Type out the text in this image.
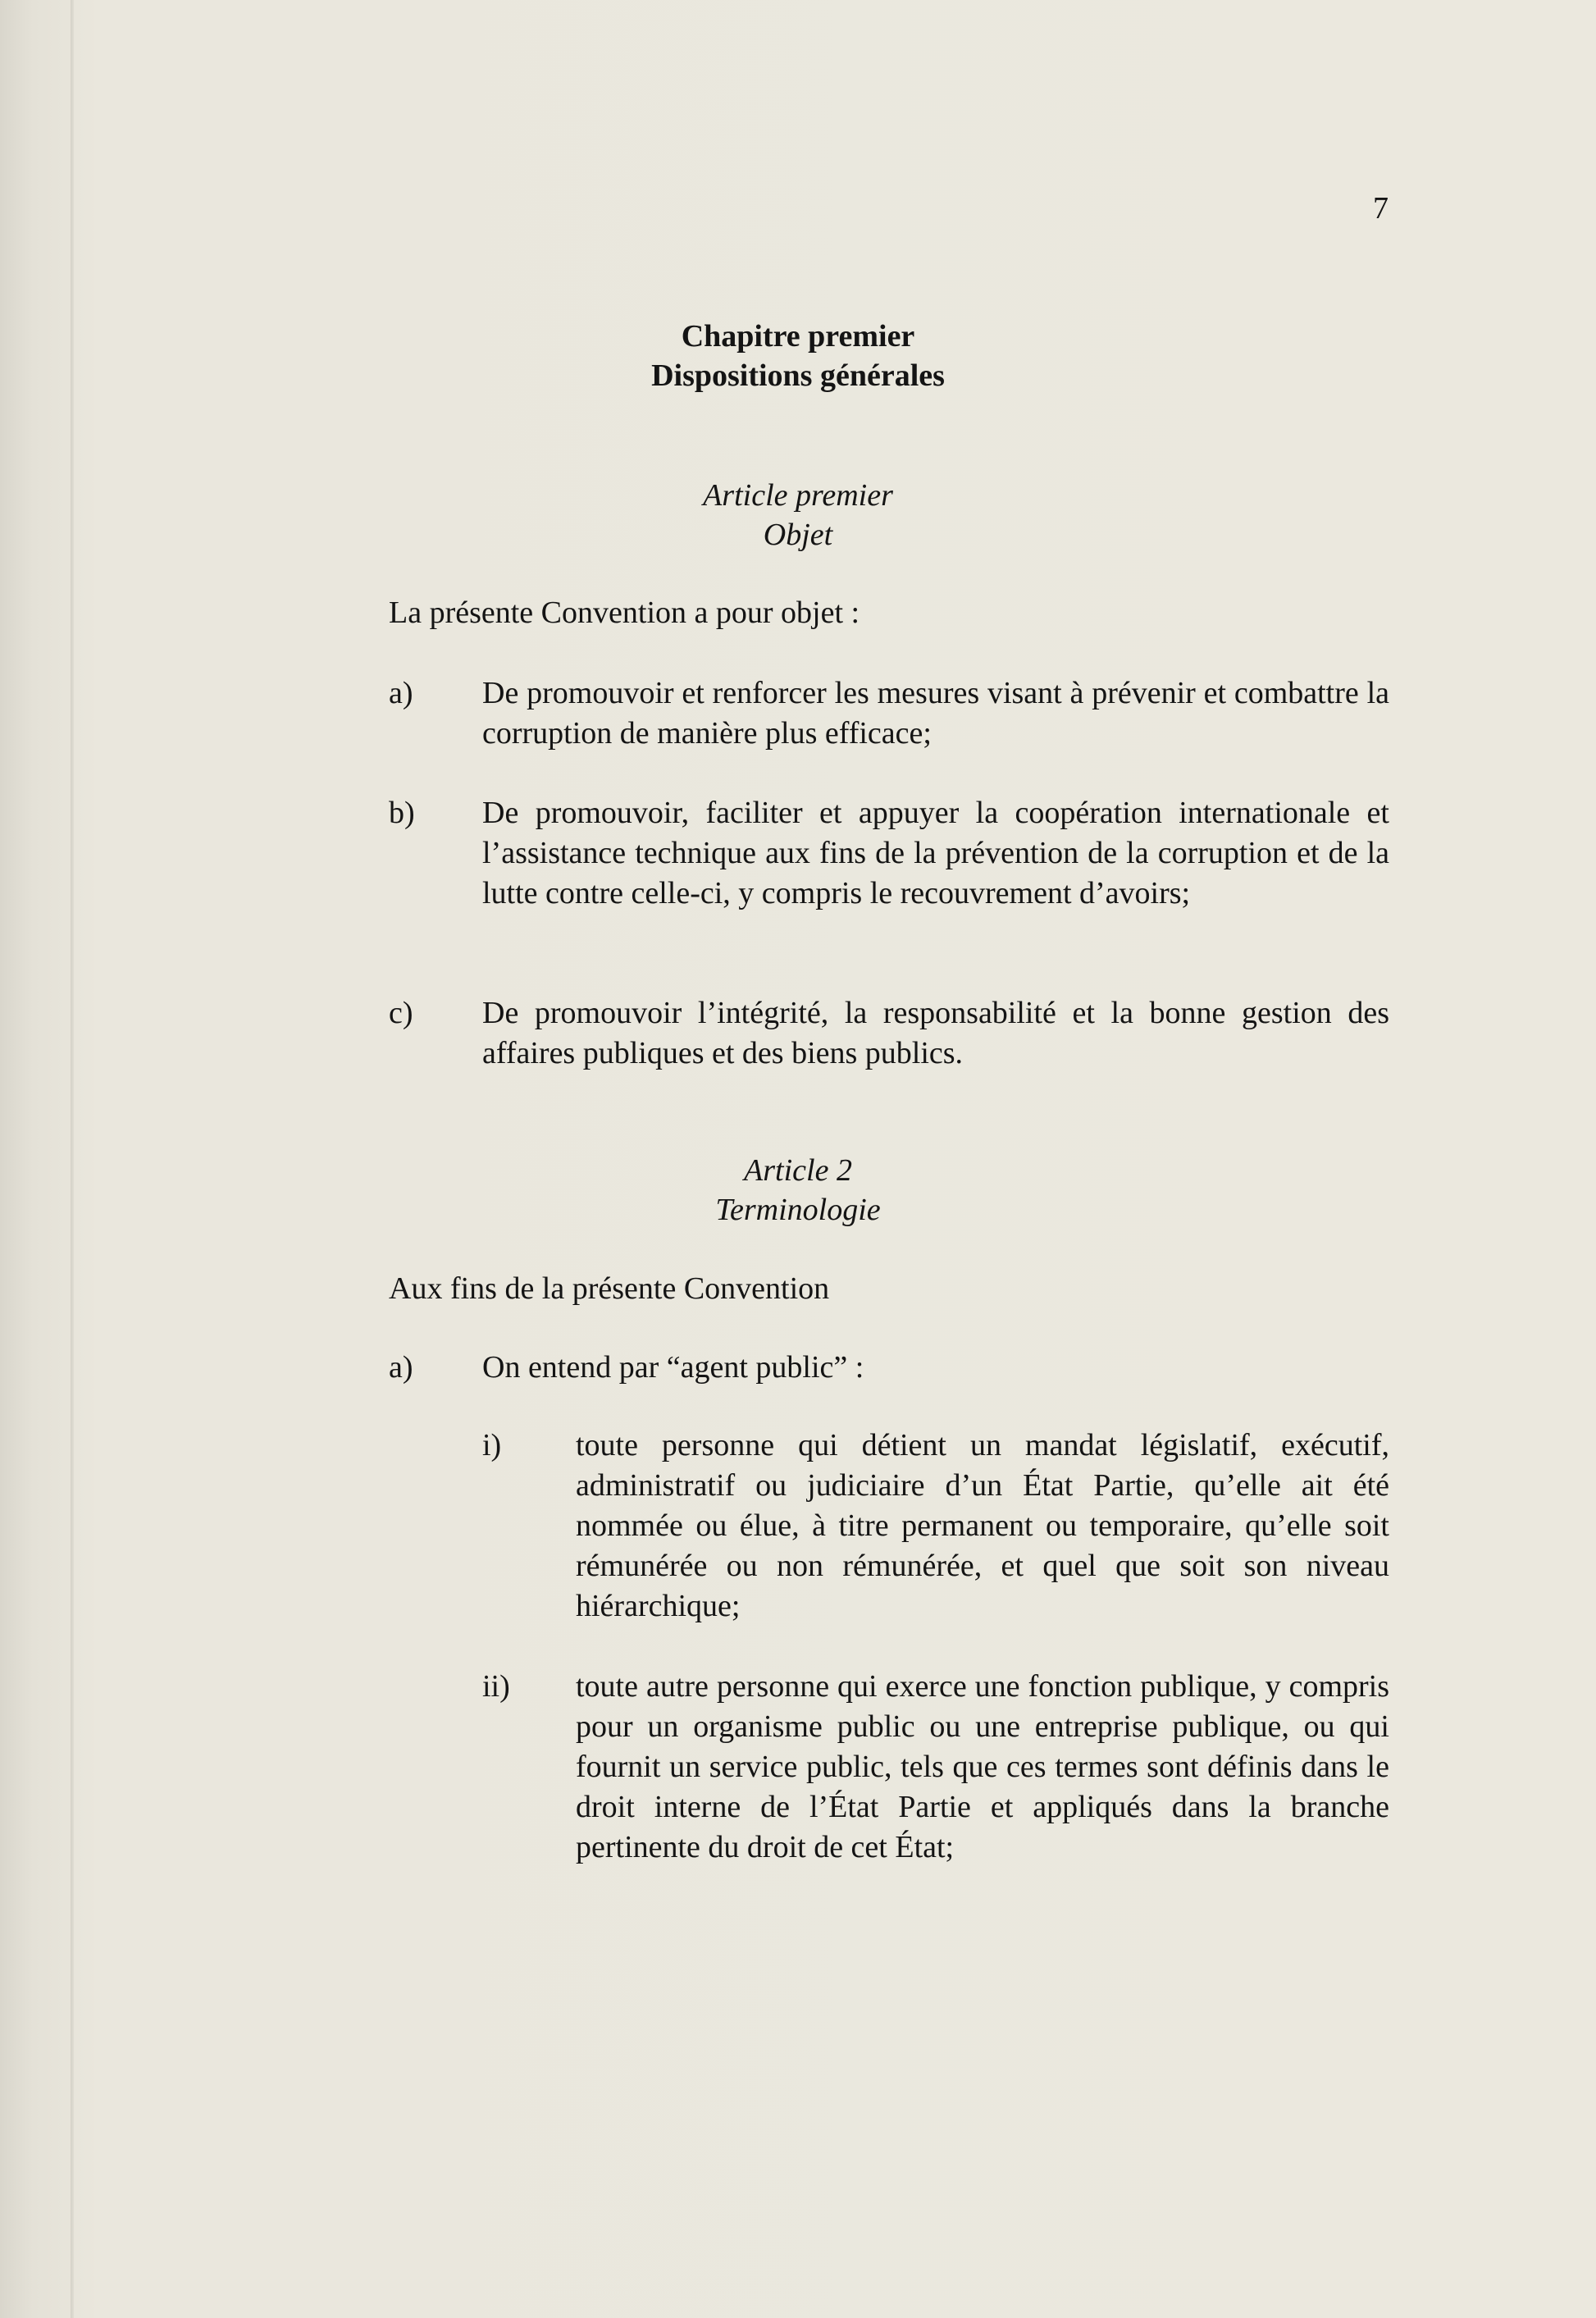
7
Chapitre premier
Dispositions générales
Article premier
Objet
La présente Convention a pour objet :
a) De promouvoir et renforcer les mesures visant à prévenir et combattre la corruption de manière plus efficace;
b) De promouvoir, faciliter et appuyer la coopération internationale et l’assistance technique aux fins de la prévention de la corruption et de la lutte contre celle-ci, y compris le recouvrement d’avoirs;
c) De promouvoir l’intégrité, la responsabilité et la bonne gestion des affaires publiques et des biens publics.
Article 2
Terminologie
Aux fins de la présente Convention
a) On entend par “agent public” :
i) toute personne qui détient un mandat législatif, exécutif, administratif ou judiciaire d’un État Partie, qu’elle ait été nommée ou élue, à titre permanent ou temporaire, qu’elle soit rémunérée ou non rémunérée, et quel que soit son niveau hiérarchique;
ii) toute autre personne qui exerce une fonction publique, y compris pour un organisme public ou une entreprise publique, ou qui fournit un service public, tels que ces termes sont définis dans le droit interne de l’État Partie et appliqués dans la branche pertinente du droit de cet État;
